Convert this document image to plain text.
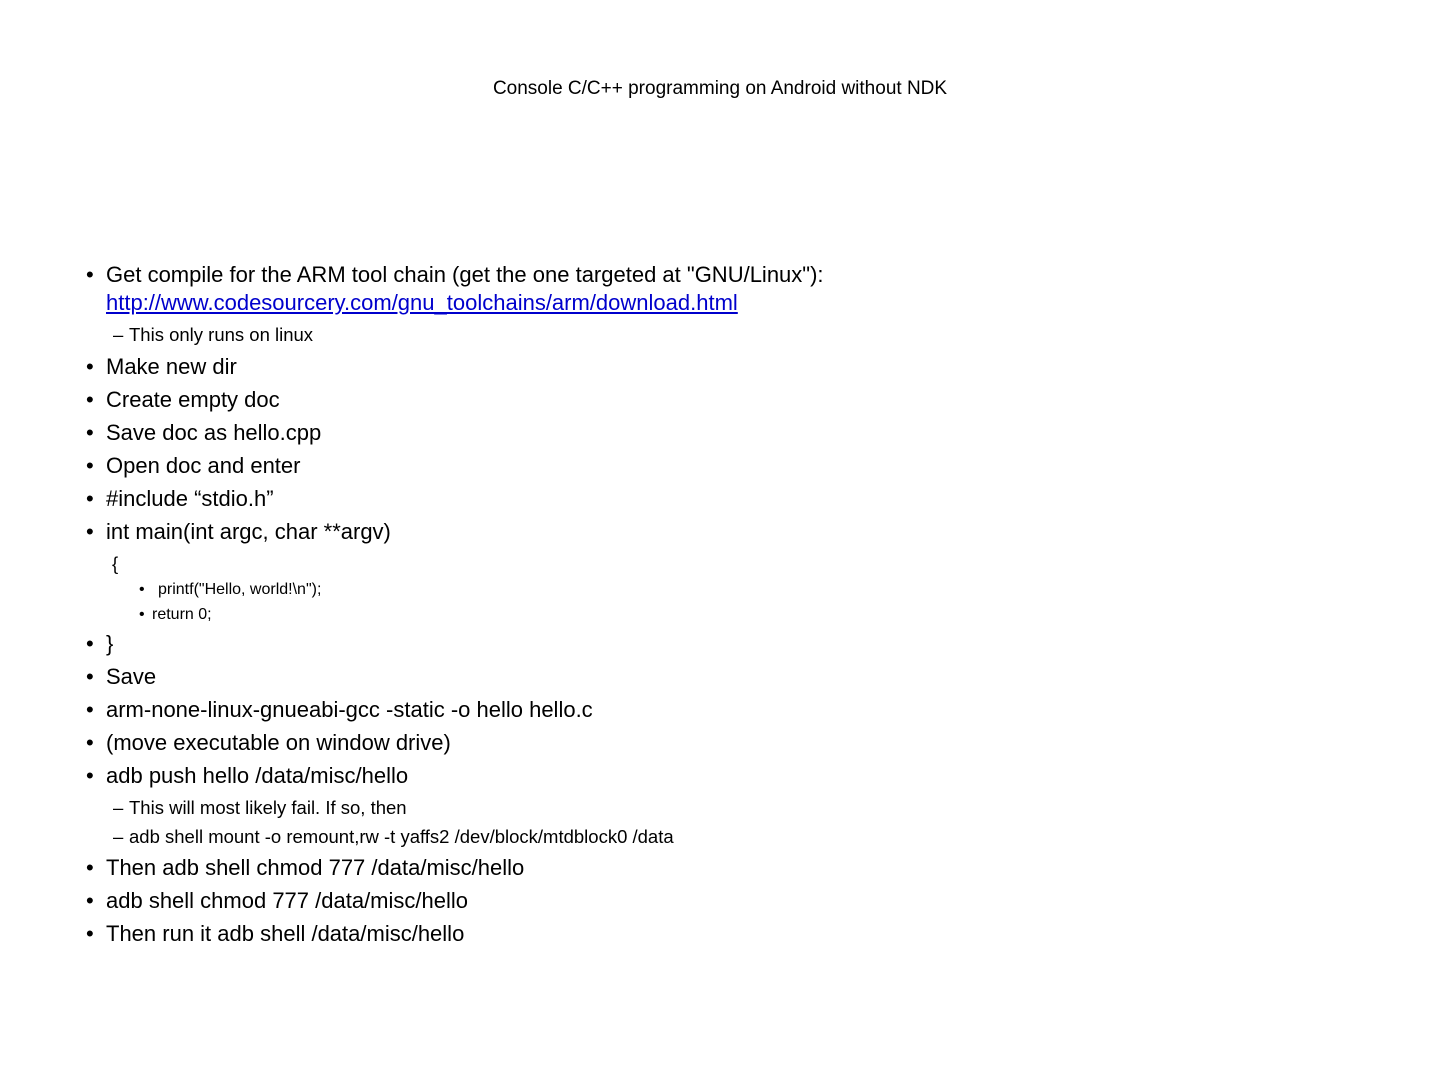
Console C/C++ programming on Android without NDK
• Get compile for the ARM tool chain (get the one targeted at "GNU/Linux"):
http://www.codesourcery.com/gnu_toolchains/arm/download.html
– This only runs on linux
• Make new dir
• Create empty doc
• Save doc as hello.cpp
• Open doc and enter
• #include “stdio.h”
• int main(int argc, char **argv)
{
• printf("Hello, world!\n");
• return 0;
• }
• Save
• arm-none-linux-gnueabi-gcc -static -o hello hello.c
• (move executable on window drive)
• adb push hello /data/misc/hello
– This will most likely fail. If so, then
– adb shell mount -o remount,rw -t yaffs2 /dev/block/mtdblock0 /data
• Then adb shell chmod 777 /data/misc/hello
• adb shell chmod 777 /data/misc/hello
• Then run it adb shell /data/misc/hello
